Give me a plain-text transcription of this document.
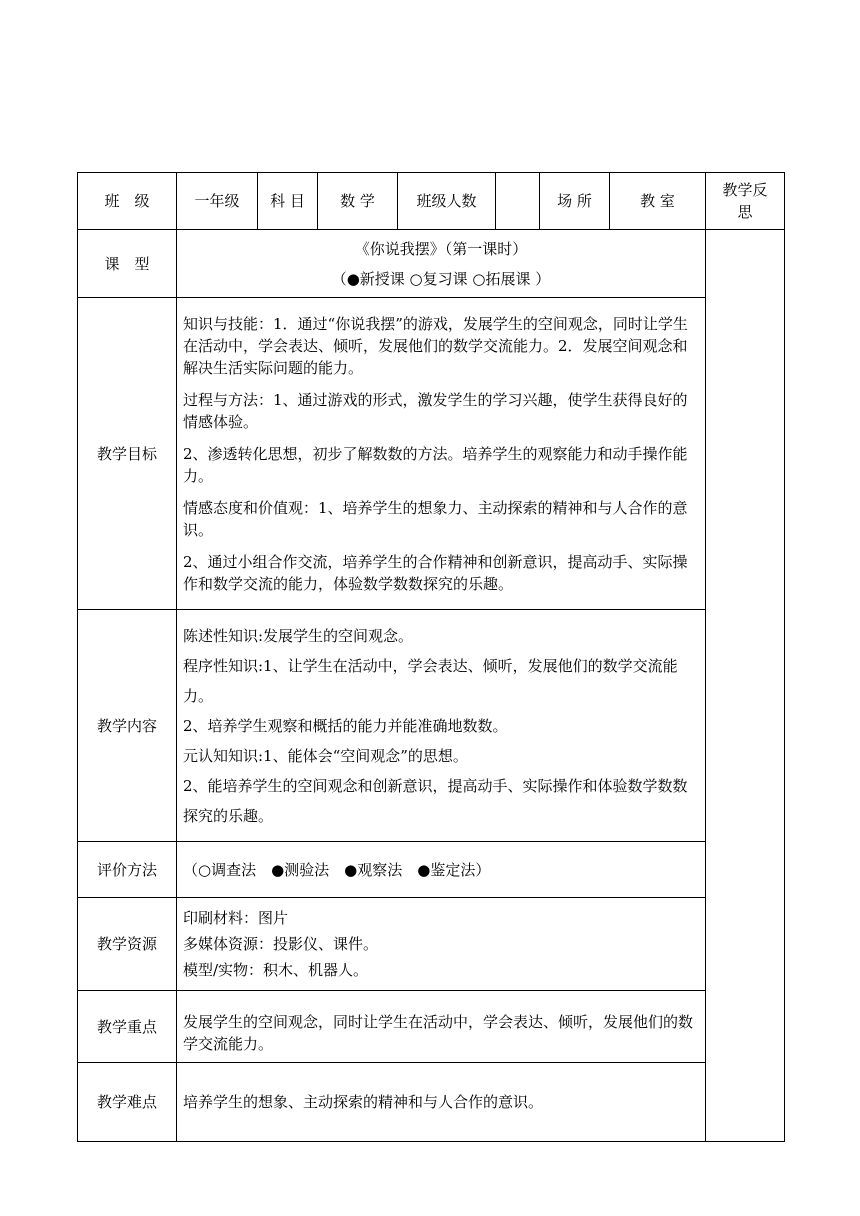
班　级	一年级	科 目	数 学	班级人数		场 所	教 室	教学反思
课　型	《你说我摆》（第一课时）
（●新授课 ○复习课 ○拓展课 ）							

教学目标	知识与技能：1．通过“你说我摆”的游戏，发展学生的空间观念，同时让学生在活动中，学会表达、倾听，发展他们的数学交流能力。2．发展空间观念和解决生活实际问题的能力。
过程与方法：1、通过游戏的形式，激发学生的学习兴趣，使学生获得良好的情感体验。
2、渗透转化思想，初步了解数数的方法。培养学生的观察能力和动手操作能力。
情感态度和价值观：1、培养学生的想象力、主动探索的精神和与人合作的意识。
2、通过小组合作交流，培养学生的合作精神和创新意识，提高动手、实际操作和数学交流的能力，体验数学数数探究的乐趣。							

教学内容	陈述性知识:发展学生的空间观念。
程序性知识:1、让学生在活动中，学会表达、倾听，发展他们的数学交流能力。
2、培养学生观察和概括的能力并能准确地数数。
元认知知识:1、能体会“空间观念”的思想。
2、能培养学生的空间观念和创新意识，提高动手、实际操作和体验数学数数探究的乐趣。							

评价方法	（○调查法　●测验法　●观察法　●鉴定法）							
教学资源	印刷材料：图片
多媒体资源：投影仪、课件。
模型/实物：积木、机器人。							

教学重点	发展学生的空间观念，同时让学生在活动中，学会表达、倾听，发展他们的数学交流能力。							
教学难点	培养学生的想象、主动探索的精神和与人合作的意识。							
